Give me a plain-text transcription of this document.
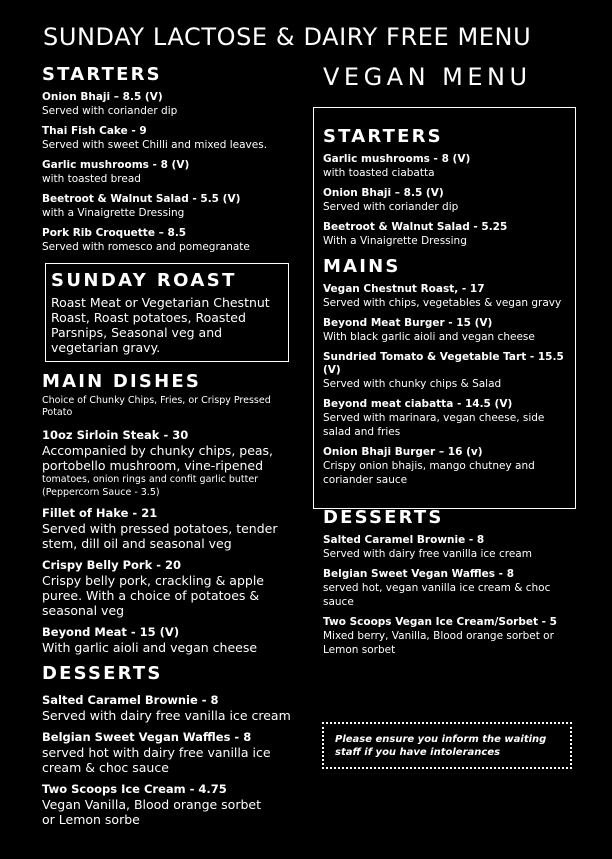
SUNDAY LACTOSE & DAIRY FREE MENU
VEGAN MENU
STARTERS
Onion Bhaji – 8.5 (V)
Served with coriander dip
Thai Fish Cake - 9
Served with sweet Chilli and mixed leaves.
Garlic mushrooms - 8 (V)
with toasted bread
Beetroot & Walnut Salad - 5.5 (V)
with a Vinaigrette Dressing
Pork Rib Croquette – 8.5
Served with romesco and pomegranate
SUNDAY ROAST
Roast Meat or Vegetarian Chestnut Roast, Roast potatoes, Roasted Parsnips, Seasonal veg and vegetarian gravy.
MAIN DISHES
Choice of Chunky Chips, Fries, or Crispy Pressed Potato
10oz Sirloin Steak - 30
Accompanied by chunky chips, peas, portobello mushroom, vine-ripened
tomatoes, onion rings and confit garlic butter (Peppercorn Sauce - 3.5)
Fillet of Hake - 21
Served with pressed potatoes, tender stem, dill oil and seasonal veg
Crispy Belly Pork - 20
Crispy belly pork, crackling & apple puree. With a choice of potatoes & seasonal veg
Beyond Meat - 15 (V)
With garlic aioli and vegan cheese
DESSERTS
Salted Caramel Brownie - 8
Served with dairy free vanilla ice cream
Belgian Sweet Vegan Waffles - 8
served hot with dairy free vanilla ice cream & choc sauce
Two Scoops Ice Cream - 4.75
Vegan Vanilla, Blood orange sorbet or Lemon sorbe
STARTERS
Garlic mushrooms - 8 (V)
with toasted ciabatta
Onion Bhaji – 8.5 (V)
Served with coriander dip
Beetroot & Walnut Salad - 5.25
With a Vinaigrette Dressing
MAINS
Vegan Chestnut Roast, - 17
Served with chips, vegetables & vegan gravy
Beyond Meat Burger - 15 (V)
With black garlic aioli and vegan cheese
Sundried Tomato & Vegetable Tart - 15.5 (V)
Served with chunky chips & Salad
Beyond meat ciabatta - 14.5 (V)
Served with marinara, vegan cheese, side salad and fries
Onion Bhaji Burger – 16 (v)
Crispy onion bhajis, mango chutney and coriander sauce
DESSERTS
Salted Caramel Brownie - 8
Served with dairy free vanilla ice cream
Belgian Sweet Vegan Waffles - 8
served hot, vegan vanilla ice cream & choc sauce
Two Scoops Vegan Ice Cream/Sorbet - 5
Mixed berry, Vanilla, Blood orange sorbet or Lemon sorbet
Please ensure you inform the waiting staff if you have intolerances
